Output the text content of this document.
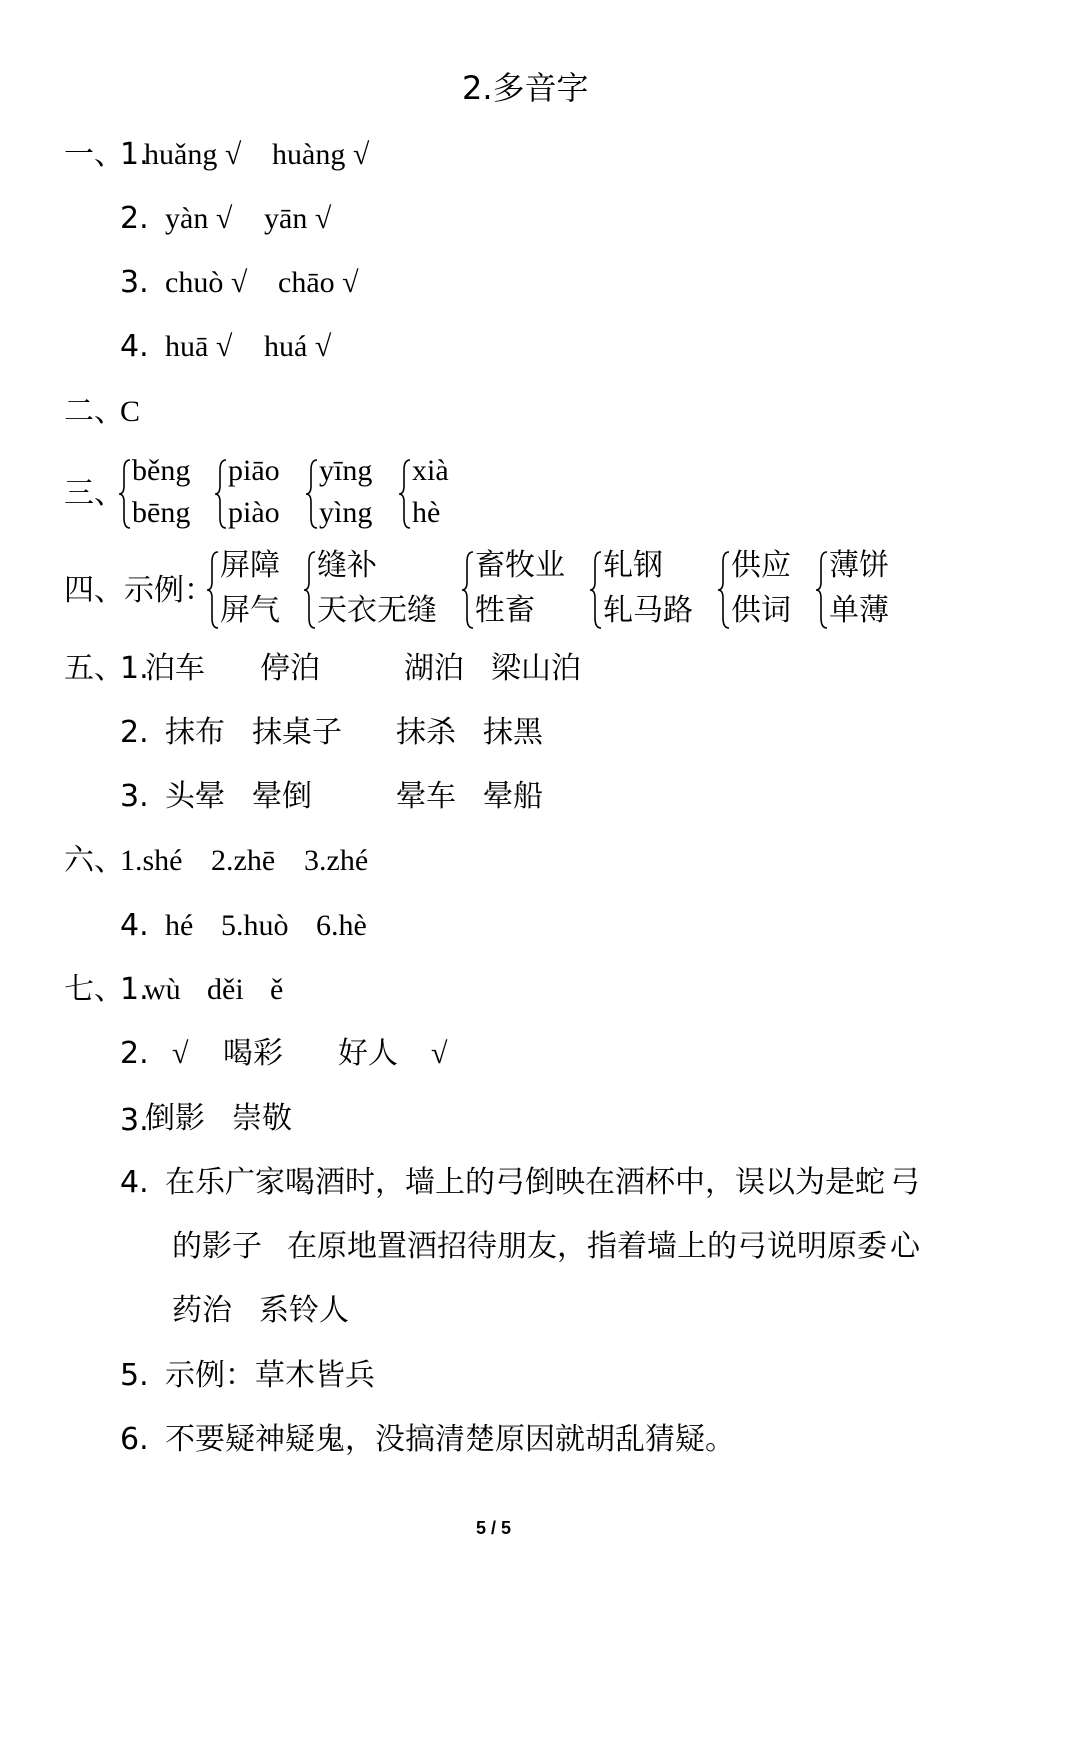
2.多音字
一、
1.
huǎng √ huàng √
2. yàn √ yān √
3. chuò √ chāo √
4. huā √ huá √
二、
C
三、
běng
bēng
piāo
piào
yīng
yìng
xià
hè
四、示例：
屏障
屏气
缝补
天衣无缝
畜牧业
牲畜
轧钢
轧马路
供应
供词
薄饼
单薄
五、
1.
泊车 停泊	湖泊 梁山泊
2. 抹布 抹桌子 抹杀 抹黑
3. 头晕 晕倒	晕车 晕船
六、
1.shé 2.zhē 3.zhé
4. hé 5.huò 6.hè
七、
1.
wù děi ě
2. √ 喝彩 好人 √
3.
倒影 崇敬
4. 在乐广家喝酒时，墙上的弓倒映在酒杯中，误以为是蛇 弓
的影子 在原地置酒招待朋友，指着墙上的弓说明原委 心
药治 系铃人
5. 示例：草木皆兵
6. 不要疑神疑鬼，没搞清楚原因就胡乱猜疑。
5 / 5
